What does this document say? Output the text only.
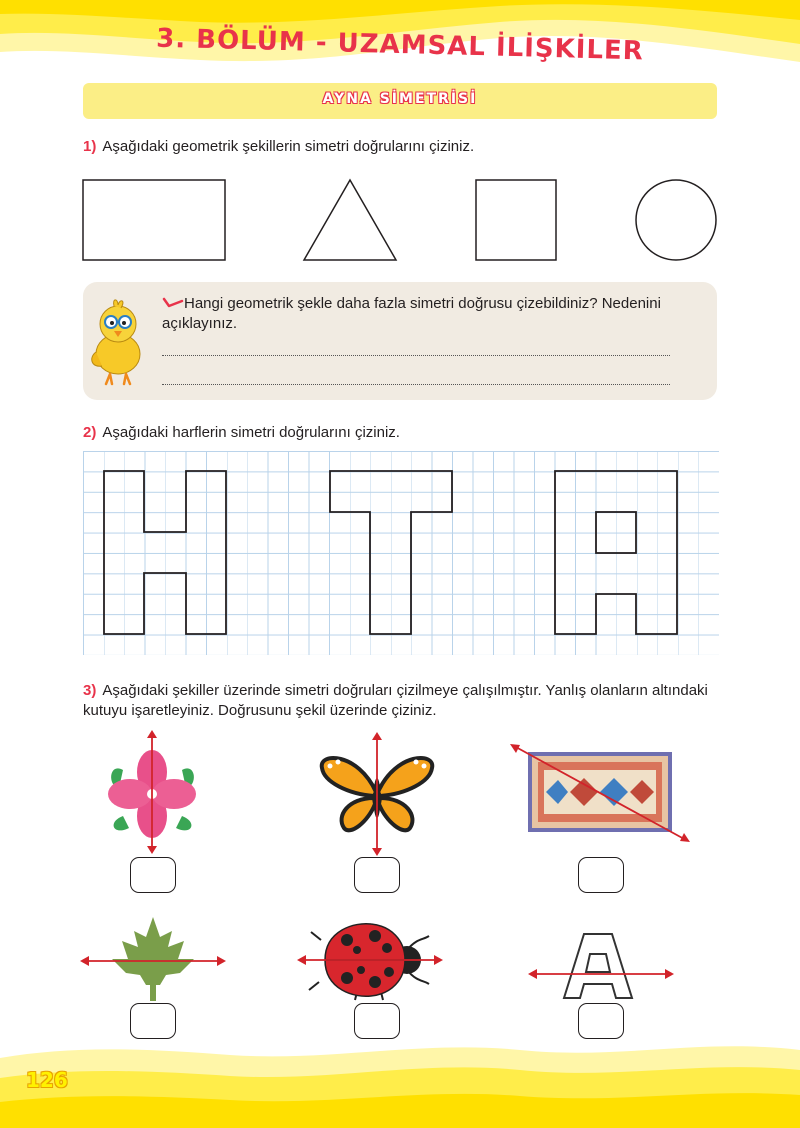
3. BÖLÜM - UZAMSAL İLİŞKİLER
AYNA SİMETRİSİ
1) Aşağıdaki geometrik şekillerin simetri doğrularını çiziniz.
Hangi geometrik şekle daha fazla simetri doğrusu çizebildiniz? Nedenini açıklayınız.
2) Aşağıdaki harflerin simetri doğrularını çiziniz.
3) Aşağıdaki şekiller üzerinde simetri doğruları çizilmeye çalışılmıştır. Yanlış olanların altındaki kutuyu işaretleyiniz. Doğrusunu şekil üzerinde çiziniz.
126
